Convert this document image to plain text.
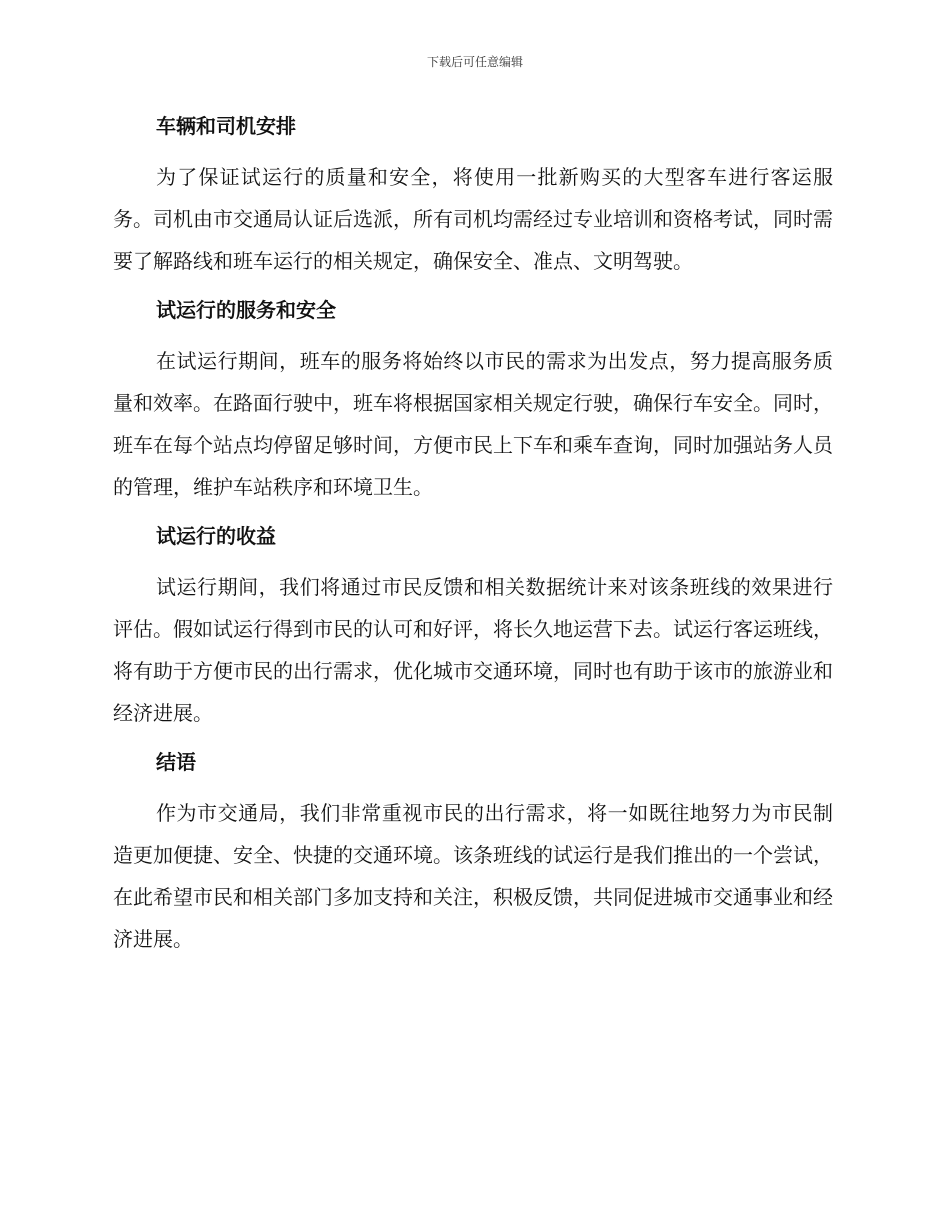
下载后可任意编辑
车辆和司机安排

为了保证试运行的质量和安全，将使用一批新购买的大型客车进行客运服务。司机由市交通局认证后选派，所有司机均需经过专业培训和资格考试，同时需要了解路线和班车运行的相关规定，确保安全、准点、文明驾驶。

试运行的服务和安全

在试运行期间，班车的服务将始终以市民的需求为出发点，努力提高服务质量和效率。在路面行驶中，班车将根据国家相关规定行驶，确保行车安全。同时，班车在每个站点均停留足够时间，方便市民上下车和乘车查询，同时加强站务人员的管理，维护车站秩序和环境卫生。

试运行的收益

试运行期间，我们将通过市民反馈和相关数据统计来对该条班线的效果进行评估。假如试运行得到市民的认可和好评，将长久地运营下去。试运行客运班线，将有助于方便市民的出行需求，优化城市交通环境，同时也有助于该市的旅游业和经济进展。

结语

作为市交通局，我们非常重视市民的出行需求，将一如既往地努力为市民制造更加便捷、安全、快捷的交通环境。该条班线的试运行是我们推出的一个尝试，在此希望市民和相关部门多加支持和关注，积极反馈，共同促进城市交通事业和经济进展。
